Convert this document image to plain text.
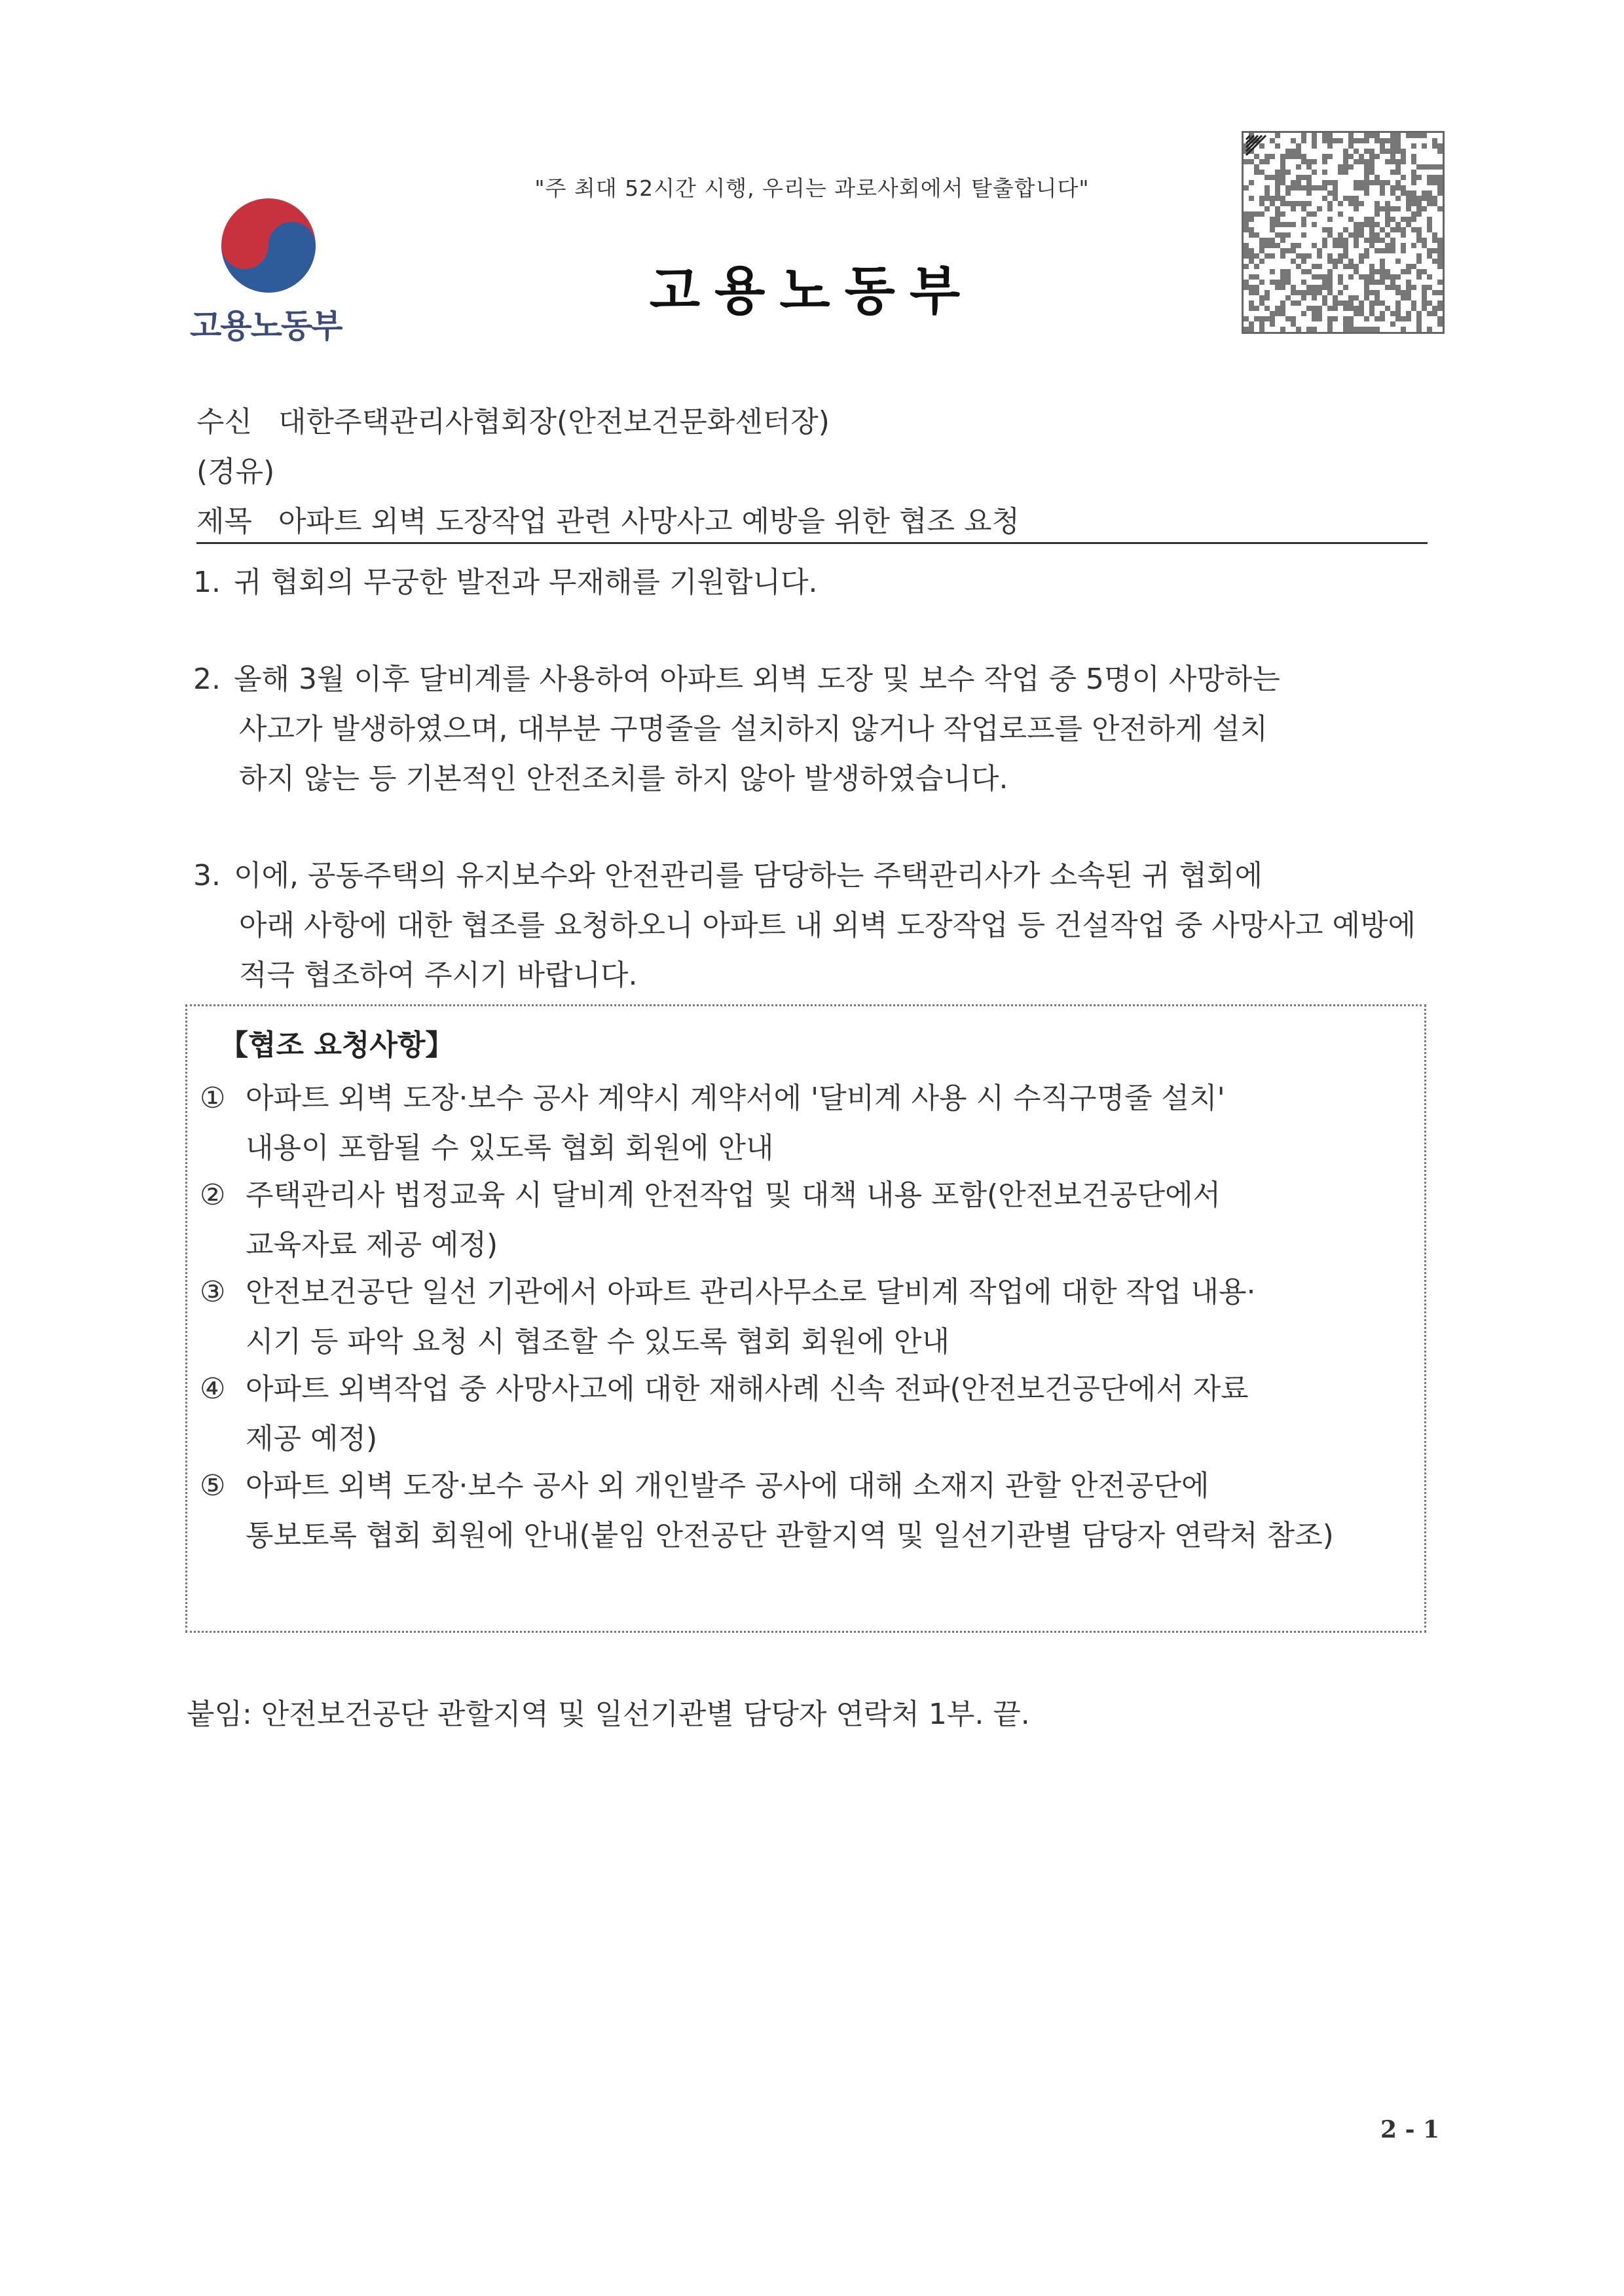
"주 최대 52시간 시행, 우리는 과로사회에서 탈출합니다"
고용노동부
고용노동부
수신 대한주택관리사협회장(안전보건문화센터장)
(경유)
제목 아파트 외벽 도장작업 관련 사망사고 예방을 위한 협조 요청
1. 귀 협회의 무궁한 발전과 무재해를 기원합니다.
2. 올해 3월 이후 달비계를 사용하여 아파트 외벽 도장 및 보수 작업 중 5명이 사망하는
사고가 발생하였으며, 대부분 구명줄을 설치하지 않거나 작업로프를 안전하게 설치
하지 않는 등 기본적인 안전조치를 하지 않아 발생하였습니다.
3. 이에, 공동주택의 유지보수와 안전관리를 담당하는 주택관리사가 소속된 귀 협회에
아래 사항에 대한 협조를 요청하오니 아파트 내 외벽 도장작업 등 건설작업 중 사망사고 예방에
적극 협조하여 주시기 바랍니다.
【협조 요청사항】
① 아파트 외벽 도장·보수 공사 계약시 계약서에 '달비계 사용 시 수직구명줄 설치'
내용이 포함될 수 있도록 협회 회원에 안내
② 주택관리사 법정교육 시 달비계 안전작업 및 대책 내용 포함(안전보건공단에서
교육자료 제공 예정)
③ 안전보건공단 일선 기관에서 아파트 관리사무소로 달비계 작업에 대한 작업 내용·
시기 등 파악 요청 시 협조할 수 있도록 협회 회원에 안내
④ 아파트 외벽작업 중 사망사고에 대한 재해사례 신속 전파(안전보건공단에서 자료
제공 예정)
⑤ 아파트 외벽 도장·보수 공사 외 개인발주 공사에 대해 소재지 관할 안전공단에
통보토록 협회 회원에 안내(붙임 안전공단 관할지역 및 일선기관별 담당자 연락처 참조)
붙임: 안전보건공단 관할지역 및 일선기관별 담당자 연락처 1부. 끝.
2 - 1
